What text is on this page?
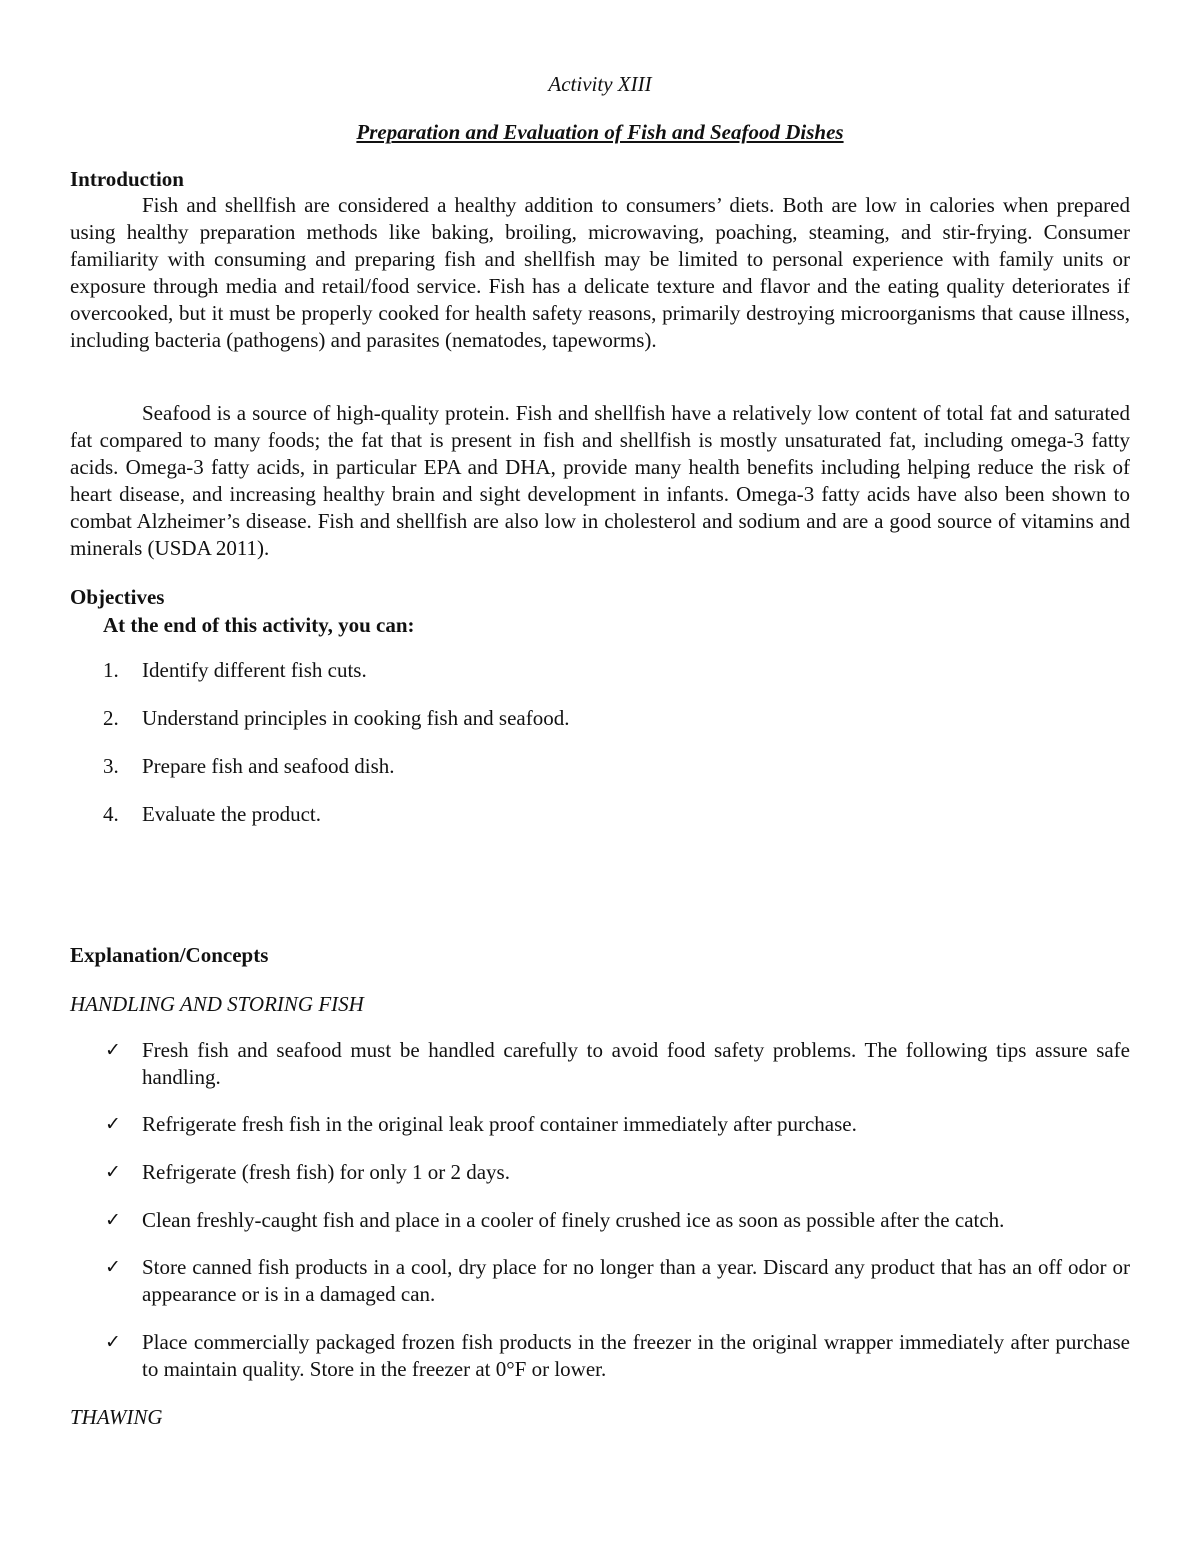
Activity XIII
Preparation and Evaluation of Fish and Seafood Dishes
Introduction
Fish and shellfish are considered a healthy addition to consumers’ diets. Both are low in calories when prepared using healthy preparation methods like baking, broiling, microwaving, poaching, steaming, and stir-frying. Consumer familiarity with consuming and preparing fish and shellfish may be limited to personal experience with family units or exposure through media and retail/food service. Fish has a delicate texture and flavor and the eating quality deteriorates if overcooked, but it must be properly cooked for health safety reasons, primarily destroying microorganisms that cause illness, including bacteria (pathogens) and parasites (nematodes, tapeworms).
Seafood is a source of high-quality protein. Fish and shellfish have a relatively low content of total fat and saturated fat compared to many foods; the fat that is present in fish and shellfish is mostly unsaturated fat, including omega-3 fatty acids. Omega-3 fatty acids, in particular EPA and DHA, provide many health benefits including helping reduce the risk of heart disease, and increasing healthy brain and sight development in infants. Omega-3 fatty acids have also been shown to combat Alzheimer’s disease. Fish and shellfish are also low in cholesterol and sodium and are a good source of vitamins and minerals (USDA 2011).
Objectives
At the end of this activity, you can:
1. Identify different fish cuts.
2. Understand principles in cooking fish and seafood.
3. Prepare fish and seafood dish.
4. Evaluate the product.
Explanation/Concepts
HANDLING AND STORING FISH
✓ Fresh fish and seafood must be handled carefully to avoid food safety problems. The following tips assure safe handling.
✓ Refrigerate fresh fish in the original leak proof container immediately after purchase.
✓ Refrigerate (fresh fish) for only 1 or 2 days.
✓ Clean freshly-caught fish and place in a cooler of finely crushed ice as soon as possible after the catch.
✓ Store canned fish products in a cool, dry place for no longer than a year. Discard any product that has an off odor or appearance or is in a damaged can.
✓ Place commercially packaged frozen fish products in the freezer in the original wrapper immediately after purchase to maintain quality. Store in the freezer at 0°F or lower.
THAWING
